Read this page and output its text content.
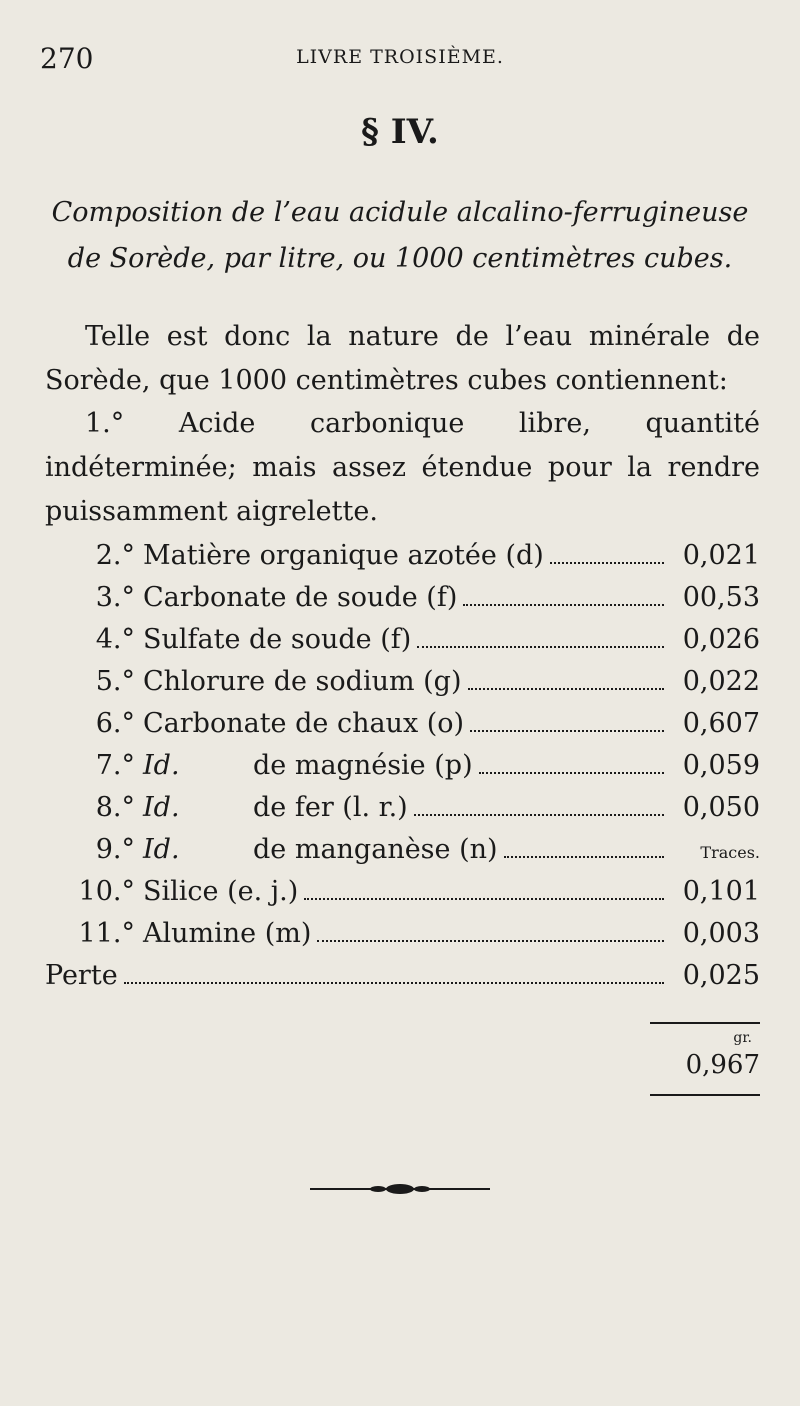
270	LIVRE TROISIÈME.
§ IV.
Composition de l’eau acidule alcalino-ferrugineuse
de Sorède, par litre, ou 1000 centimètres cubes.

Telle est donc la nature de l’eau minérale de Sorède, que 1000 centimètres cubes contiennent:

1.° Acide carbonique libre, quantité indéterminée; mais assez étendue pour la rendre puissamment aigrelette.

2.° Matière organique azotée (d)	0,021
3.° Carbonate de soude (f)	00,53
4.° Sulfate de soude (f)	0,026
5.° Chlorure de sodium (g)	0,022
6.° Carbonate de chaux (o)	0,607
7.° Id.	de magnésie (p)	0,059
8.° Id.	de fer (l. r.)	0,050
9.° Id.	de manganèse (n)	Traces.
10.° Silice (e. j.)	0,101
11.° Alumine (m)	0,003
Perte	0,025
gr.
0,967
